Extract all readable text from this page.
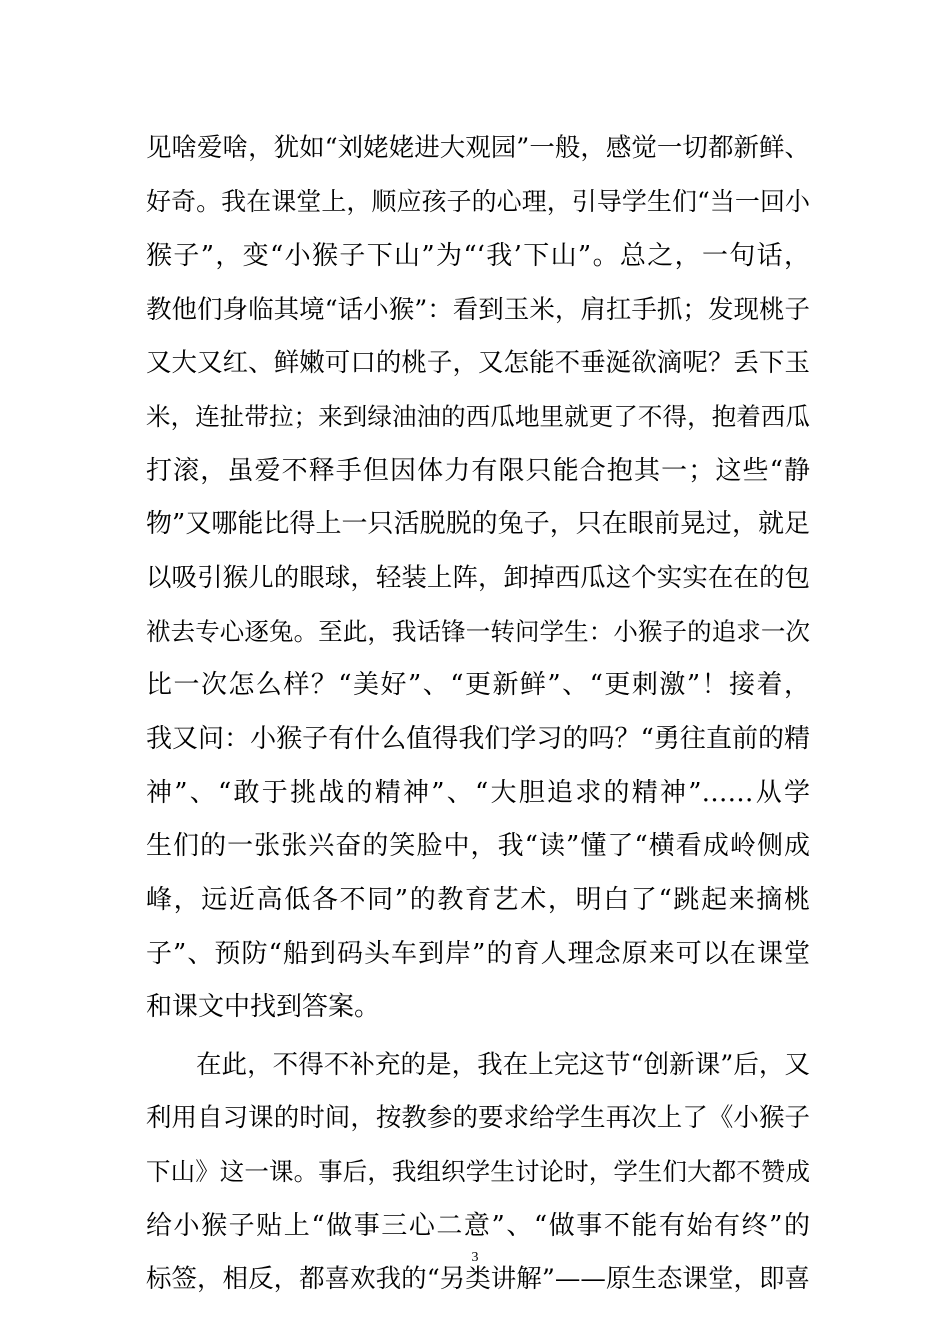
见啥爱啥，犹如“刘姥姥进大观园”一般，感觉一切都新鲜、
好奇。我在课堂上，顺应孩子的心理，引导学生们“当一回小
猴子”，变“小猴子下山”为“‘我’下山”。总之，一句话，
教他们身临其境“话小猴”：看到玉米，肩扛手抓；发现桃子
又大又红、鲜嫩可口的桃子，又怎能不垂涎欲滴呢？丢下玉
米，连扯带拉；来到绿油油的西瓜地里就更了不得，抱着西瓜
打滚，虽爱不释手但因体力有限只能合抱其一；这些“静
物”又哪能比得上一只活脱脱的兔子，只在眼前晃过，就足
以吸引猴儿的眼球，轻装上阵，卸掉西瓜这个实实在在的包
袱去专心逐兔。至此，我话锋一转问学生：小猴子的追求一次
比一次怎么样？“美好”、“更新鲜”、“更刺激”！接着，
我又问：小猴子有什么值得我们学习的吗？“勇往直前的精
神”、“敢于挑战的精神”、“大胆追求的精神”……从学
生们的一张张兴奋的笑脸中，我“读”懂了“横看成岭侧成
峰，远近高低各不同”的教育艺术，明白了“跳起来摘桃
子”、预防“船到码头车到岸”的育人理念原来可以在课堂
和课文中找到答案。
在此，不得不补充的是，我在上完这节“创新课”后，又
利用自习课的时间，按教参的要求给学生再次上了《小猴子
下山》这一课。事后，我组织学生讨论时，学生们大都不赞成
给小猴子贴上“做事三心二意”、“做事不能有始有终”的
标签，相反，都喜欢我的“另类讲解”——原生态课堂，即喜
3
